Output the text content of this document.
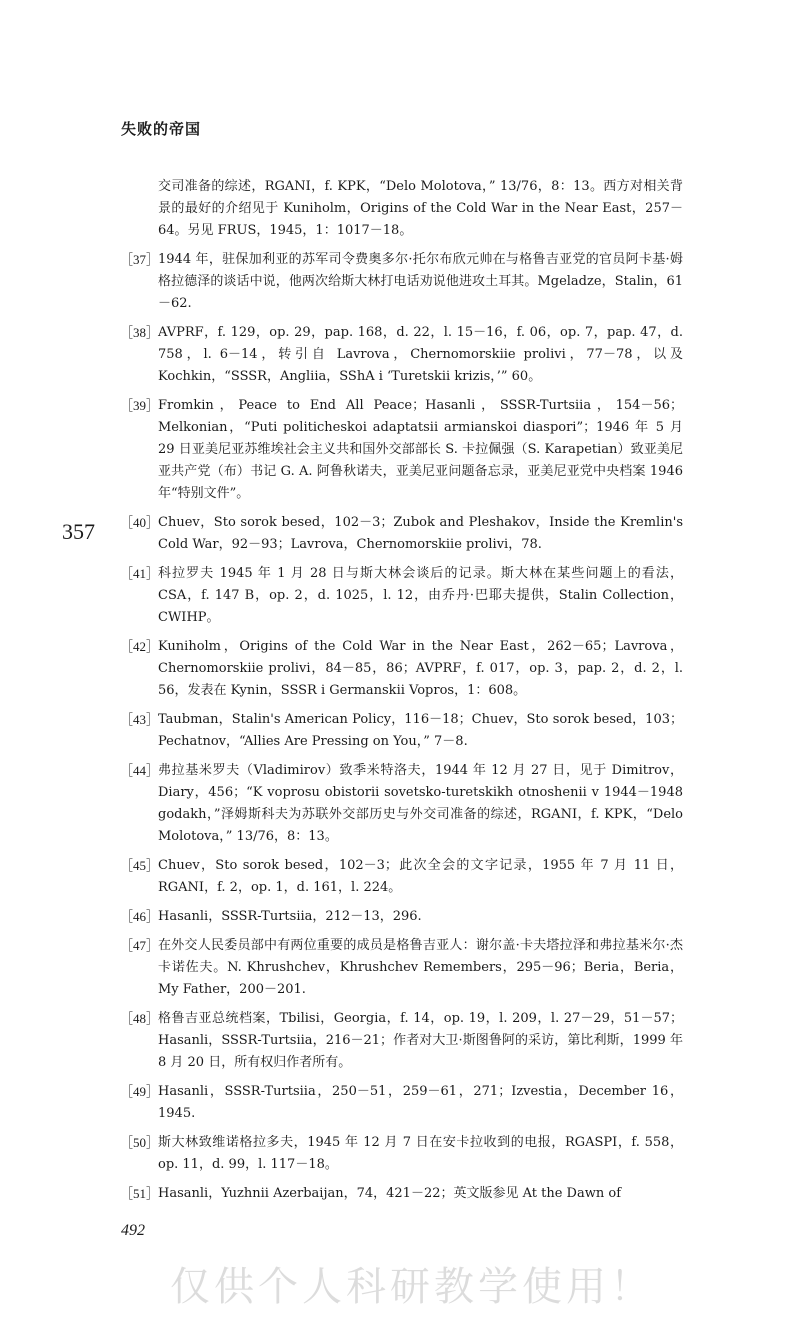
失败的帝国
357
交司准备的综述，RGANI，f. KPK，“Delo Molotova，” 13/76，8：13。西方对相关背景的最好的介绍见于 Kuniholm，Origins of the Cold War in the Near East，257－64。另见 FRUS，1945，1：1017－18。
［37］
1944 年，驻保加利亚的苏军司令费奥多尔·托尔布欣元帅在与格鲁吉亚党的官员阿卡基·姆格拉德泽的谈话中说，他两次给斯大林打电话劝说他进攻土耳其。Mgeladze，Stalin，61－62.
［38］
AVPRF，f. 129，op. 29，pap. 168，d. 22，l. 15－16，f. 06，op. 7，pap. 47，d. 758，l. 6－14，转引自 Lavrova，Chernomorskiie prolivi，77－78，以及 Kochkin，“SSSR，Angliia，SShA i ‘Turetskii krizis，’” 60。
［39］
Fromkin，Peace to End All Peace；Hasanli，SSSR-Turtsiia，154－56；Melkonian，“Puti politicheskoi adaptatsii armianskoi diaspori”；1946 年 5 月 29 日亚美尼亚苏维埃社会主义共和国外交部部长 S. 卡拉佩强（S. Karapetian）致亚美尼亚共产党（布）书记 G. A. 阿鲁秋诺夫，亚美尼亚问题备忘录，亚美尼亚党中央档案 1946 年“特别文件”。
［40］
Chuev，Sto sorok besed，102－3；Zubok and Pleshakov，Inside the Kremlin's Cold War，92－93；Lavrova，Chernomorskiie prolivi，78.
［41］
科拉罗夫 1945 年 1 月 28 日与斯大林会谈后的记录。斯大林在某些问题上的看法，CSA，f. 147 B，op. 2，d. 1025，l. 12，由乔丹·巴耶夫提供，Stalin Collection，CWIHP。
［42］
Kuniholm，Origins of the Cold War in the Near East，262－65；Lavrova，Chernomorskiie prolivi，84－85，86；AVPRF，f. 017，op. 3，pap. 2，d. 2，l. 56，发表在 Kynin，SSSR i Germanskii Vopros，1：608。
［43］
Taubman，Stalin's American Policy，116－18；Chuev，Sto sorok besed，103；Pechatnov，“Allies Are Pressing on You，” 7－8.
［44］
弗拉基米罗夫（Vladimirov）致季米特洛夫，1944 年 12 月 27 日，见于 Dimitrov，Diary，456；“K voprosu obistorii sovetsko-turetskikh otnoshenii v 1944－1948 godakh，”泽姆斯科夫为苏联外交部历史与外交司准备的综述，RGANI，f. KPK，“Delo Molotova，” 13/76，8：13。
［45］
Chuev，Sto sorok besed，102－3；此次全会的文字记录，1955 年 7 月 11 日，RGANI，f. 2，op. 1，d. 161，l. 224。
［46］
Hasanli，SSSR-Turtsiia，212－13，296.
［47］
在外交人民委员部中有两位重要的成员是格鲁吉亚人：谢尔盖·卡夫塔拉泽和弗拉基米尔·杰卡诺佐夫。N. Khrushchev，Khrushchev Remembers，295－96；Beria，Beria，My Father，200－201.
［48］
格鲁吉亚总统档案，Tbilisi，Georgia，f. 14，op. 19，l. 209，l. 27－29，51－57；Hasanli，SSSR-Turtsiia，216－21；作者对大卫·斯图鲁阿的采访，第比利斯，1999 年 8 月 20 日，所有权归作者所有。
［49］
Hasanli，SSSR-Turtsiia，250－51，259－61，271；Izvestia，December 16，1945.
［50］
斯大林致维诺格拉多夫，1945 年 12 月 7 日在安卡拉收到的电报，RGASPI，f. 558，op. 11，d. 99，l. 117－18。
［51］
Hasanli，Yuzhnii Azerbaijan，74，421－22；英文版参见 At the Dawn of
492
仅供个人科研教学使用！
